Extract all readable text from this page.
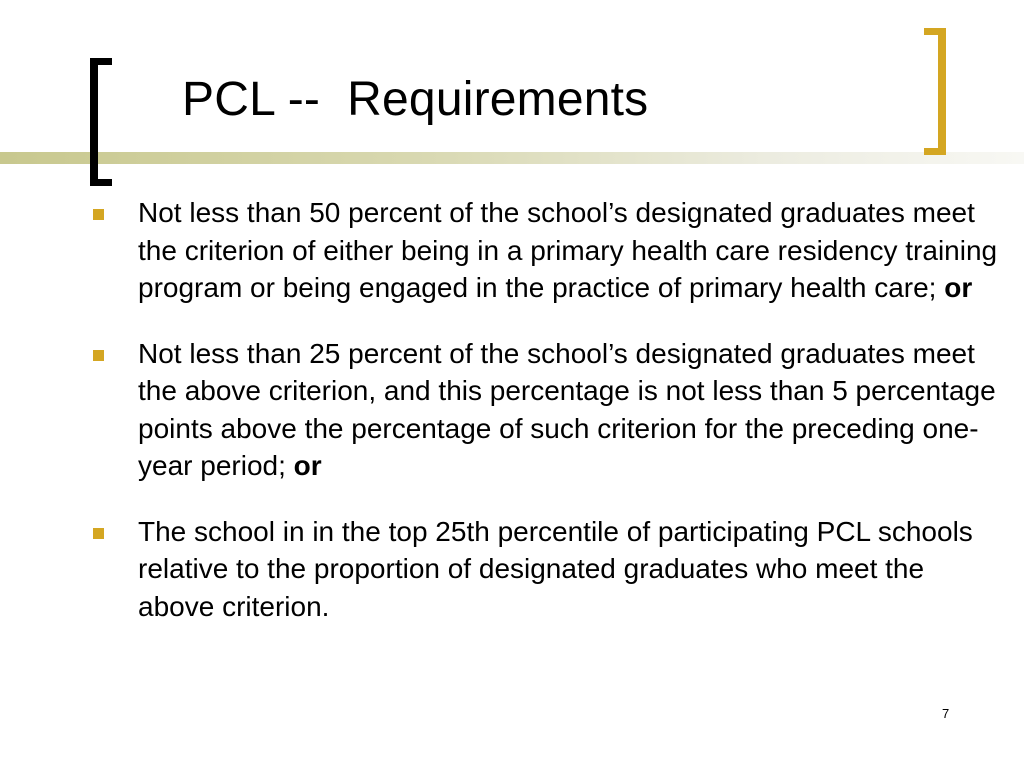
PCL --  Requirements
Not less than 50 percent of the school’s designated graduates meet the criterion of either being in a primary health care residency training program or being engaged in the practice of primary health care; or
Not less than 25 percent of the school’s designated graduates meet the above criterion, and this percentage is not less than 5 percentage points above the percentage of such criterion for the preceding one-year period; or
The school in in the top 25th percentile of participating PCL schools relative to the proportion of designated graduates who meet the above criterion.
7
